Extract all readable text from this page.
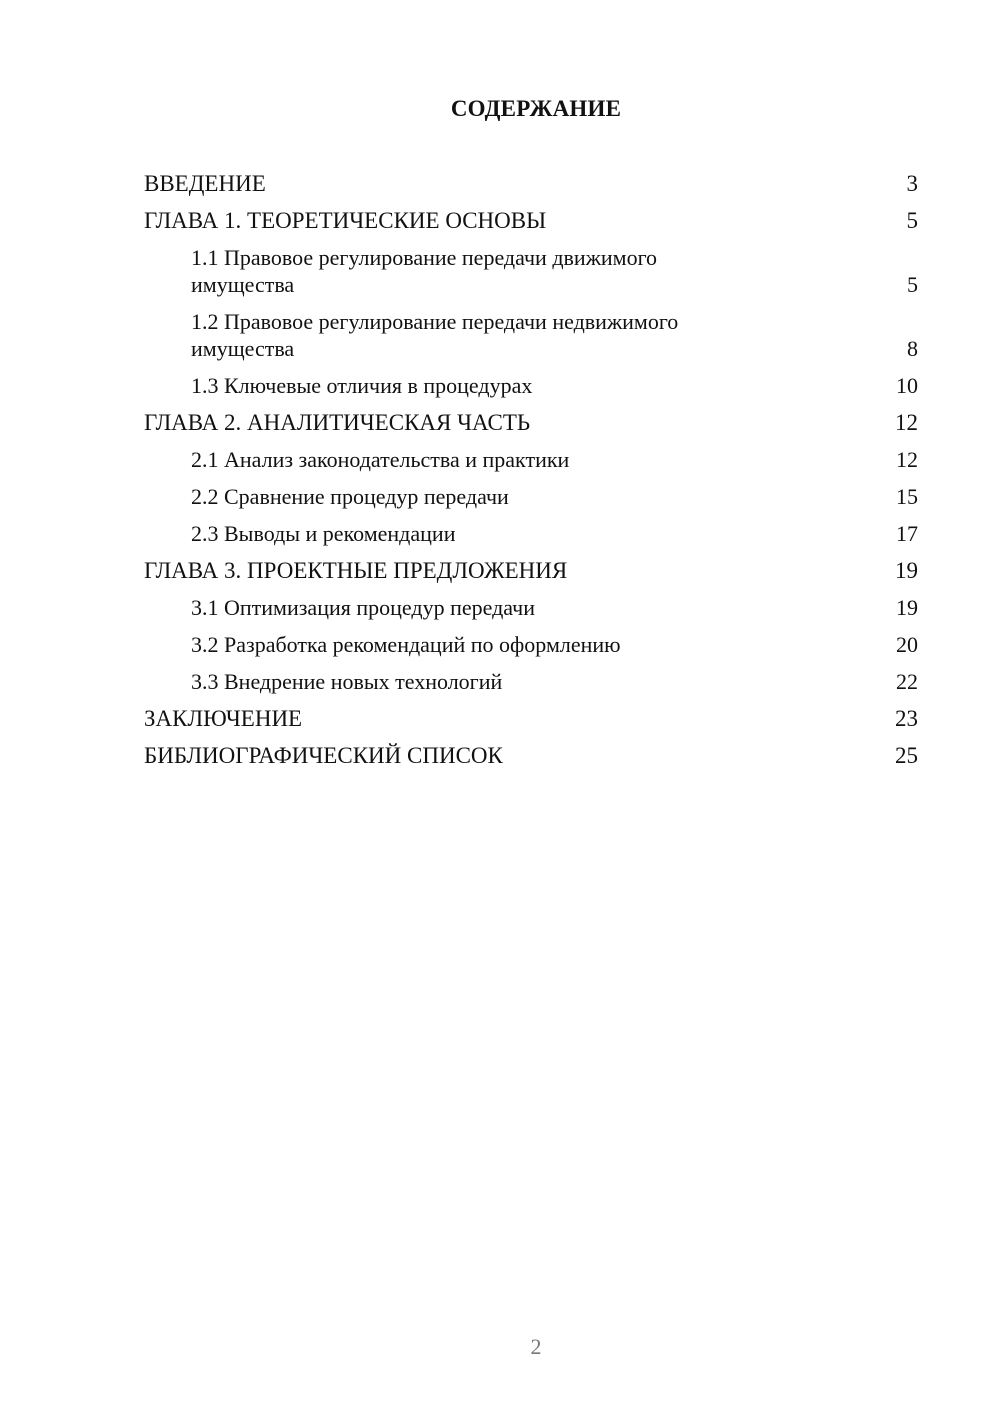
СОДЕРЖАНИЕ
ВВЕДЕНИЕ	3
ГЛАВА 1. ТЕОРЕТИЧЕСКИЕ ОСНОВЫ	5
1.1 Правовое регулирование передачи движимого имущества	5
1.2 Правовое регулирование передачи недвижимого имущества	8
1.3 Ключевые отличия в процедурах	10
ГЛАВА 2. АНАЛИТИЧЕСКАЯ ЧАСТЬ	12
2.1 Анализ законодательства и практики	12
2.2 Сравнение процедур передачи	15
2.3 Выводы и рекомендации	17
ГЛАВА 3. ПРОЕКТНЫЕ ПРЕДЛОЖЕНИЯ	19
3.1 Оптимизация процедур передачи	19
3.2 Разработка рекомендаций по оформлению	20
3.3 Внедрение новых технологий	22
ЗАКЛЮЧЕНИЕ	23
БИБЛИОГРАФИЧЕСКИЙ СПИСОК	25
2
